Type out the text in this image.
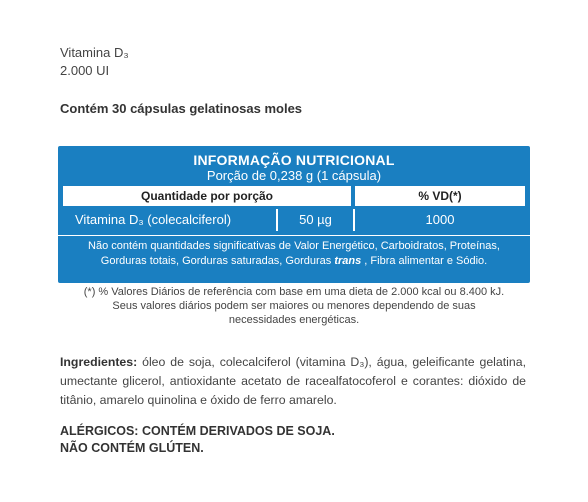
Vitamina D₃
2.000 UI
Contém 30 cápsulas gelatinosas moles
INFORMAÇÃO NUTRICIONAL
Porção de 0,238 g (1 cápsula)
Quantidade por porção	% VD(*)
Vitamina D₃ (colecalciferol)	50 µg	1000
Não contém quantidades significativas de Valor Energético, Carboidratos, Proteínas, Gorduras totais, Gorduras saturadas, Gorduras trans , Fibra alimentar e Sódio.
(*) % Valores Diários de referência com base em uma dieta de 2.000 kcal ou 8.400 kJ.
Seus valores diários podem ser maiores ou menores dependendo de suas
necessidades energéticas.
Ingredientes: óleo de soja, colecalciferol (vitamina D₃), água, geleificante gelatina, umectante glicerol, antioxidante acetato de racealfatocoferol e corantes: dióxido de titânio, amarelo quinolina e óxido de ferro amarelo.
ALÉRGICOS: CONTÉM DERIVADOS DE SOJA.
NÃO CONTÉM GLÚTEN.
